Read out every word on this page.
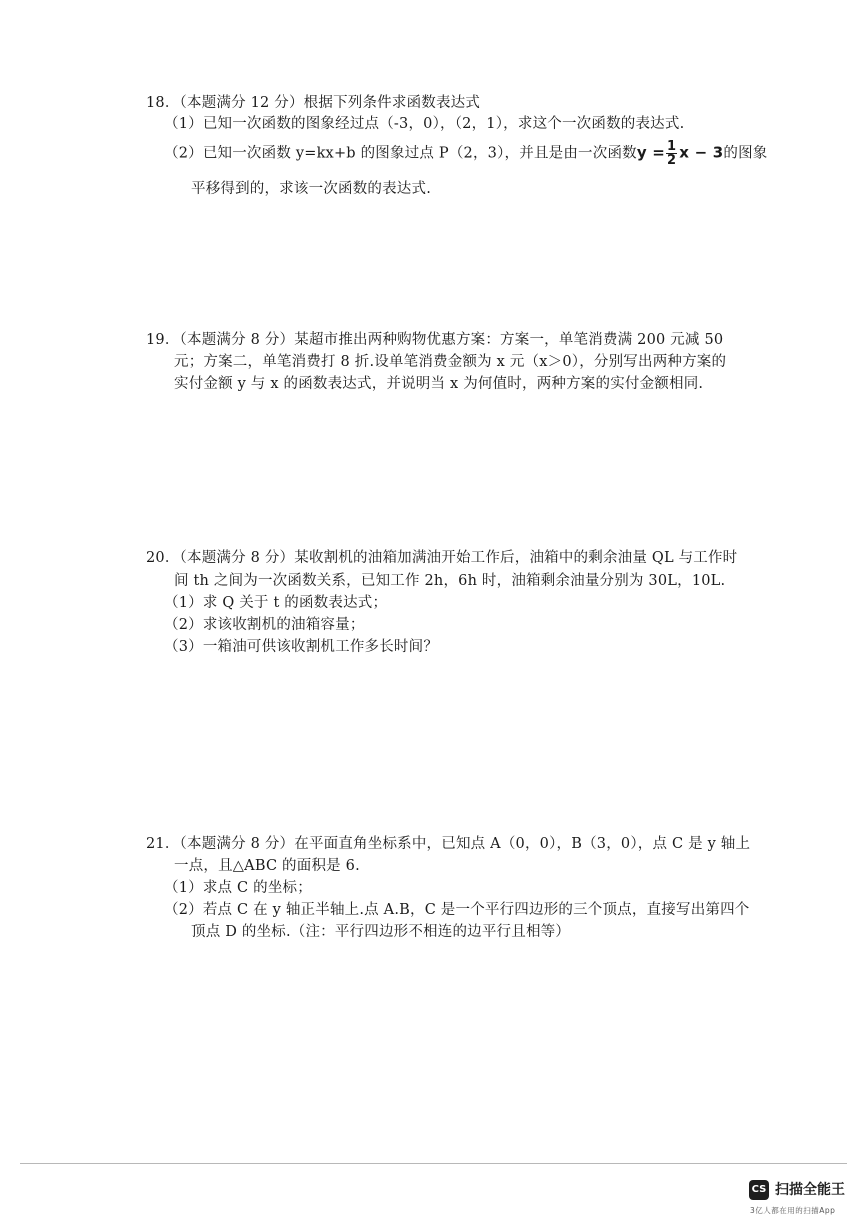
18．（本题满分 12 分）根据下列条件求函数表达式
（1）已知一次函数的图象经过点（-3，0），（2，1），求这个一次函数的表达式.
（2）已知一次函数 y=kx+b 的图象过点 P（2，3），并且是由一次函数$y = \frac{1}{2}$ x − 3的图象
平移得到的，求该一次函数的表达式.
19．（本题满分 8 分）某超市推出两种购物优惠方案：方案一，单笔消费满 200 元减 50
元；方案二，单笔消费打 8 折.设单笔消费金额为 x 元（x＞0），分别写出两种方案的
实付金额 y 与 x 的函数表达式，并说明当 x 为何值时，两种方案的实付金额相同.
20．（本题满分 8 分）某收割机的油箱加满油开始工作后，油箱中的剩余油量 QL 与工作时
间 th 之间为一次函数关系，已知工作 2h，6h 时，油箱剩余油量分别为 30L，10L.
（1）求 Q 关于 t 的函数表达式；
（2）求该收割机的油箱容量；
（3）一箱油可供该收割机工作多长时间？
21．（本题满分 8 分）在平面直角坐标系中，已知点 A（0，0），B（3，0），点 C 是 y 轴上
一点，且△ABC 的面积是 6.
（1）求点 C 的坐标；
（2）若点 C 在 y 轴正半轴上.点 A.B，C 是一个平行四边形的三个顶点，直接写出第四个
顶点 D 的坐标.（注：平行四边形不相连的边平行且相等）
CS 扫描全能王
3亿人都在用的扫描App
